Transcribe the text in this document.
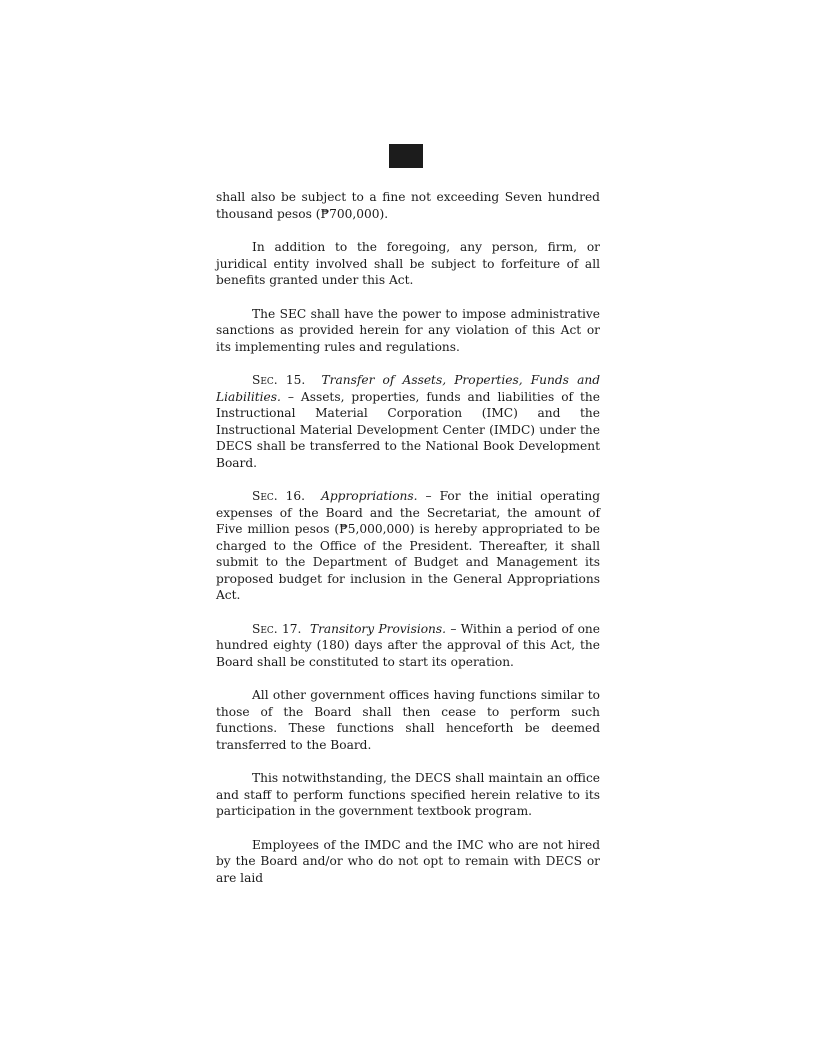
shall also be subject to a fine not exceeding Seven hundred thousand pesos (₱700,000).

In addition to the foregoing, any person, firm, or juridical entity involved shall be subject to forfeiture of all benefits granted under this Act.

The SEC shall have the power to impose administrative sanctions as provided herein for any violation of this Act or its implementing rules and regulations.

Sec. 15. Transfer of Assets, Properties, Funds and Liabilities. – Assets, properties, funds and liabilities of the Instructional Material Corporation (IMC) and the Instructional Material Development Center (IMDC) under the DECS shall be transferred to the National Book Development Board.

Sec. 16. Appropriations. – For the initial operating expenses of the Board and the Secretariat, the amount of Five million pesos (₱5,000,000) is hereby appropriated to be charged to the Office of the President. Thereafter, it shall submit to the Department of Budget and Management its proposed budget for inclusion in the General Appropriations Act.

Sec. 17. Transitory Provisions. – Within a period of one hundred eighty (180) days after the approval of this Act, the Board shall be constituted to start its operation.

All other government offices having functions similar to those of the Board shall then cease to perform such functions. These functions shall henceforth be deemed transferred to the Board.

This notwithstanding, the DECS shall maintain an office and staff to perform functions specified herein relative to its participation in the government textbook program.

Employees of the IMDC and the IMC who are not hired by the Board and/or who do not opt to remain with DECS or are laid
